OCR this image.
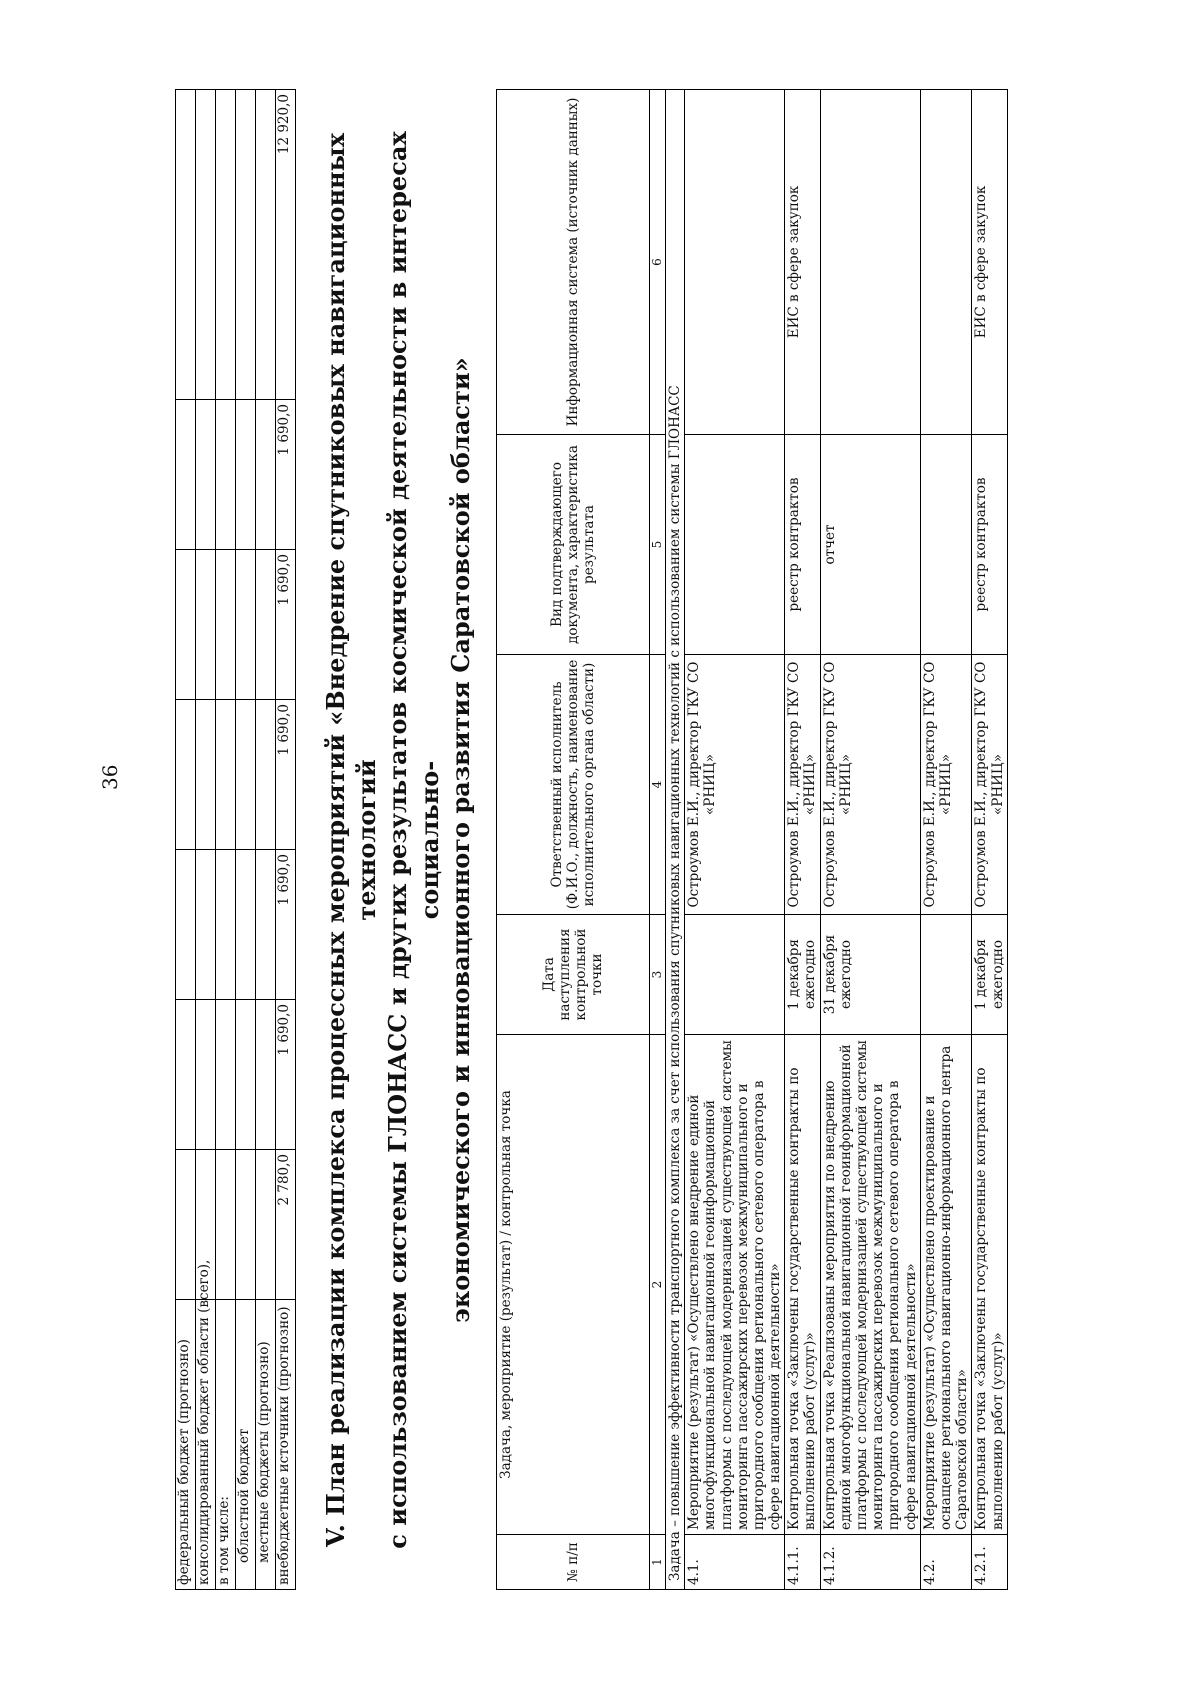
36
федеральный бюджет (прогнозно)							
консолидированный бюджет области (всего),							
в том числе:							
областной бюджет							
местные бюджеты (прогнозно)							
внебюджетные источники (прогнозно)	2 780,0	1 690,0	1 690,0	1 690,0	1 690,0	1 690,0	12 920,0
V. План реализации комплекса процессных мероприятий «Внедрение спутниковых навигационных технологий с использованием системы ГЛОНАСС и других результатов космической деятельности в интересах социально- экономического и инновационного развития Саратовской области»
№ п/п	Задача, мероприятие (результат) / контрольная точка	Дата наступления контрольной точки	Ответственный исполнитель (Ф.И.О., должность, наименование исполнительного органа области)	Вид подтверждающего документа, характеристика результата	Информационная система (источник данных)
1	2	3	4	5	6
Задача – повышение эффективности транспортного комплекса за счет использования спутниковых навигационных технологий с использованием системы ГЛОНАСС					
4.1.	Мероприятие (результат) «Осуществлено внедрение единой многофункциональной навигационной геоинформационной платформы с последующей модернизацией существующей системы мониторинга пассажирских перевозок межмуниципального и пригородного сообщения регионального сетевого оператора в сфере навигационной деятельности»		Остроумов Е.И., директор ГКУ СО «РНИЦ»		
4.1.1.	Контрольная точка «Заключены государственные контракты по выполнению работ (услуг)»	1 декабря ежегодно	Остроумов Е.И., директор ГКУ СО «РНИЦ»	реестр контрактов	ЕИС в сфере закупок
4.1.2.	Контрольная точка «Реализованы мероприятия по внедрению единой многофункциональной навигационной геоинформационной платформы с последующей модернизацией существующей системы мониторинга пассажирских перевозок межмуниципального и пригородного сообщения регионального сетевого оператора в сфере навигационной деятельности»	31 декабря ежегодно	Остроумов Е.И., директор ГКУ СО «РНИЦ»	отчет	
4.2.	Мероприятие (результат) «Осуществлено проектирование и оснащение регионального навигационно-информационного центра Саратовской области»		Остроумов Е.И., директор ГКУ СО «РНИЦ»		
4.2.1.	Контрольная точка «Заключены государственные контракты по выполнению работ (услуг)»	1 декабря ежегодно	Остроумов Е.И., директор ГКУ СО «РНИЦ»	реестр контрактов	ЕИС в сфере закупок
